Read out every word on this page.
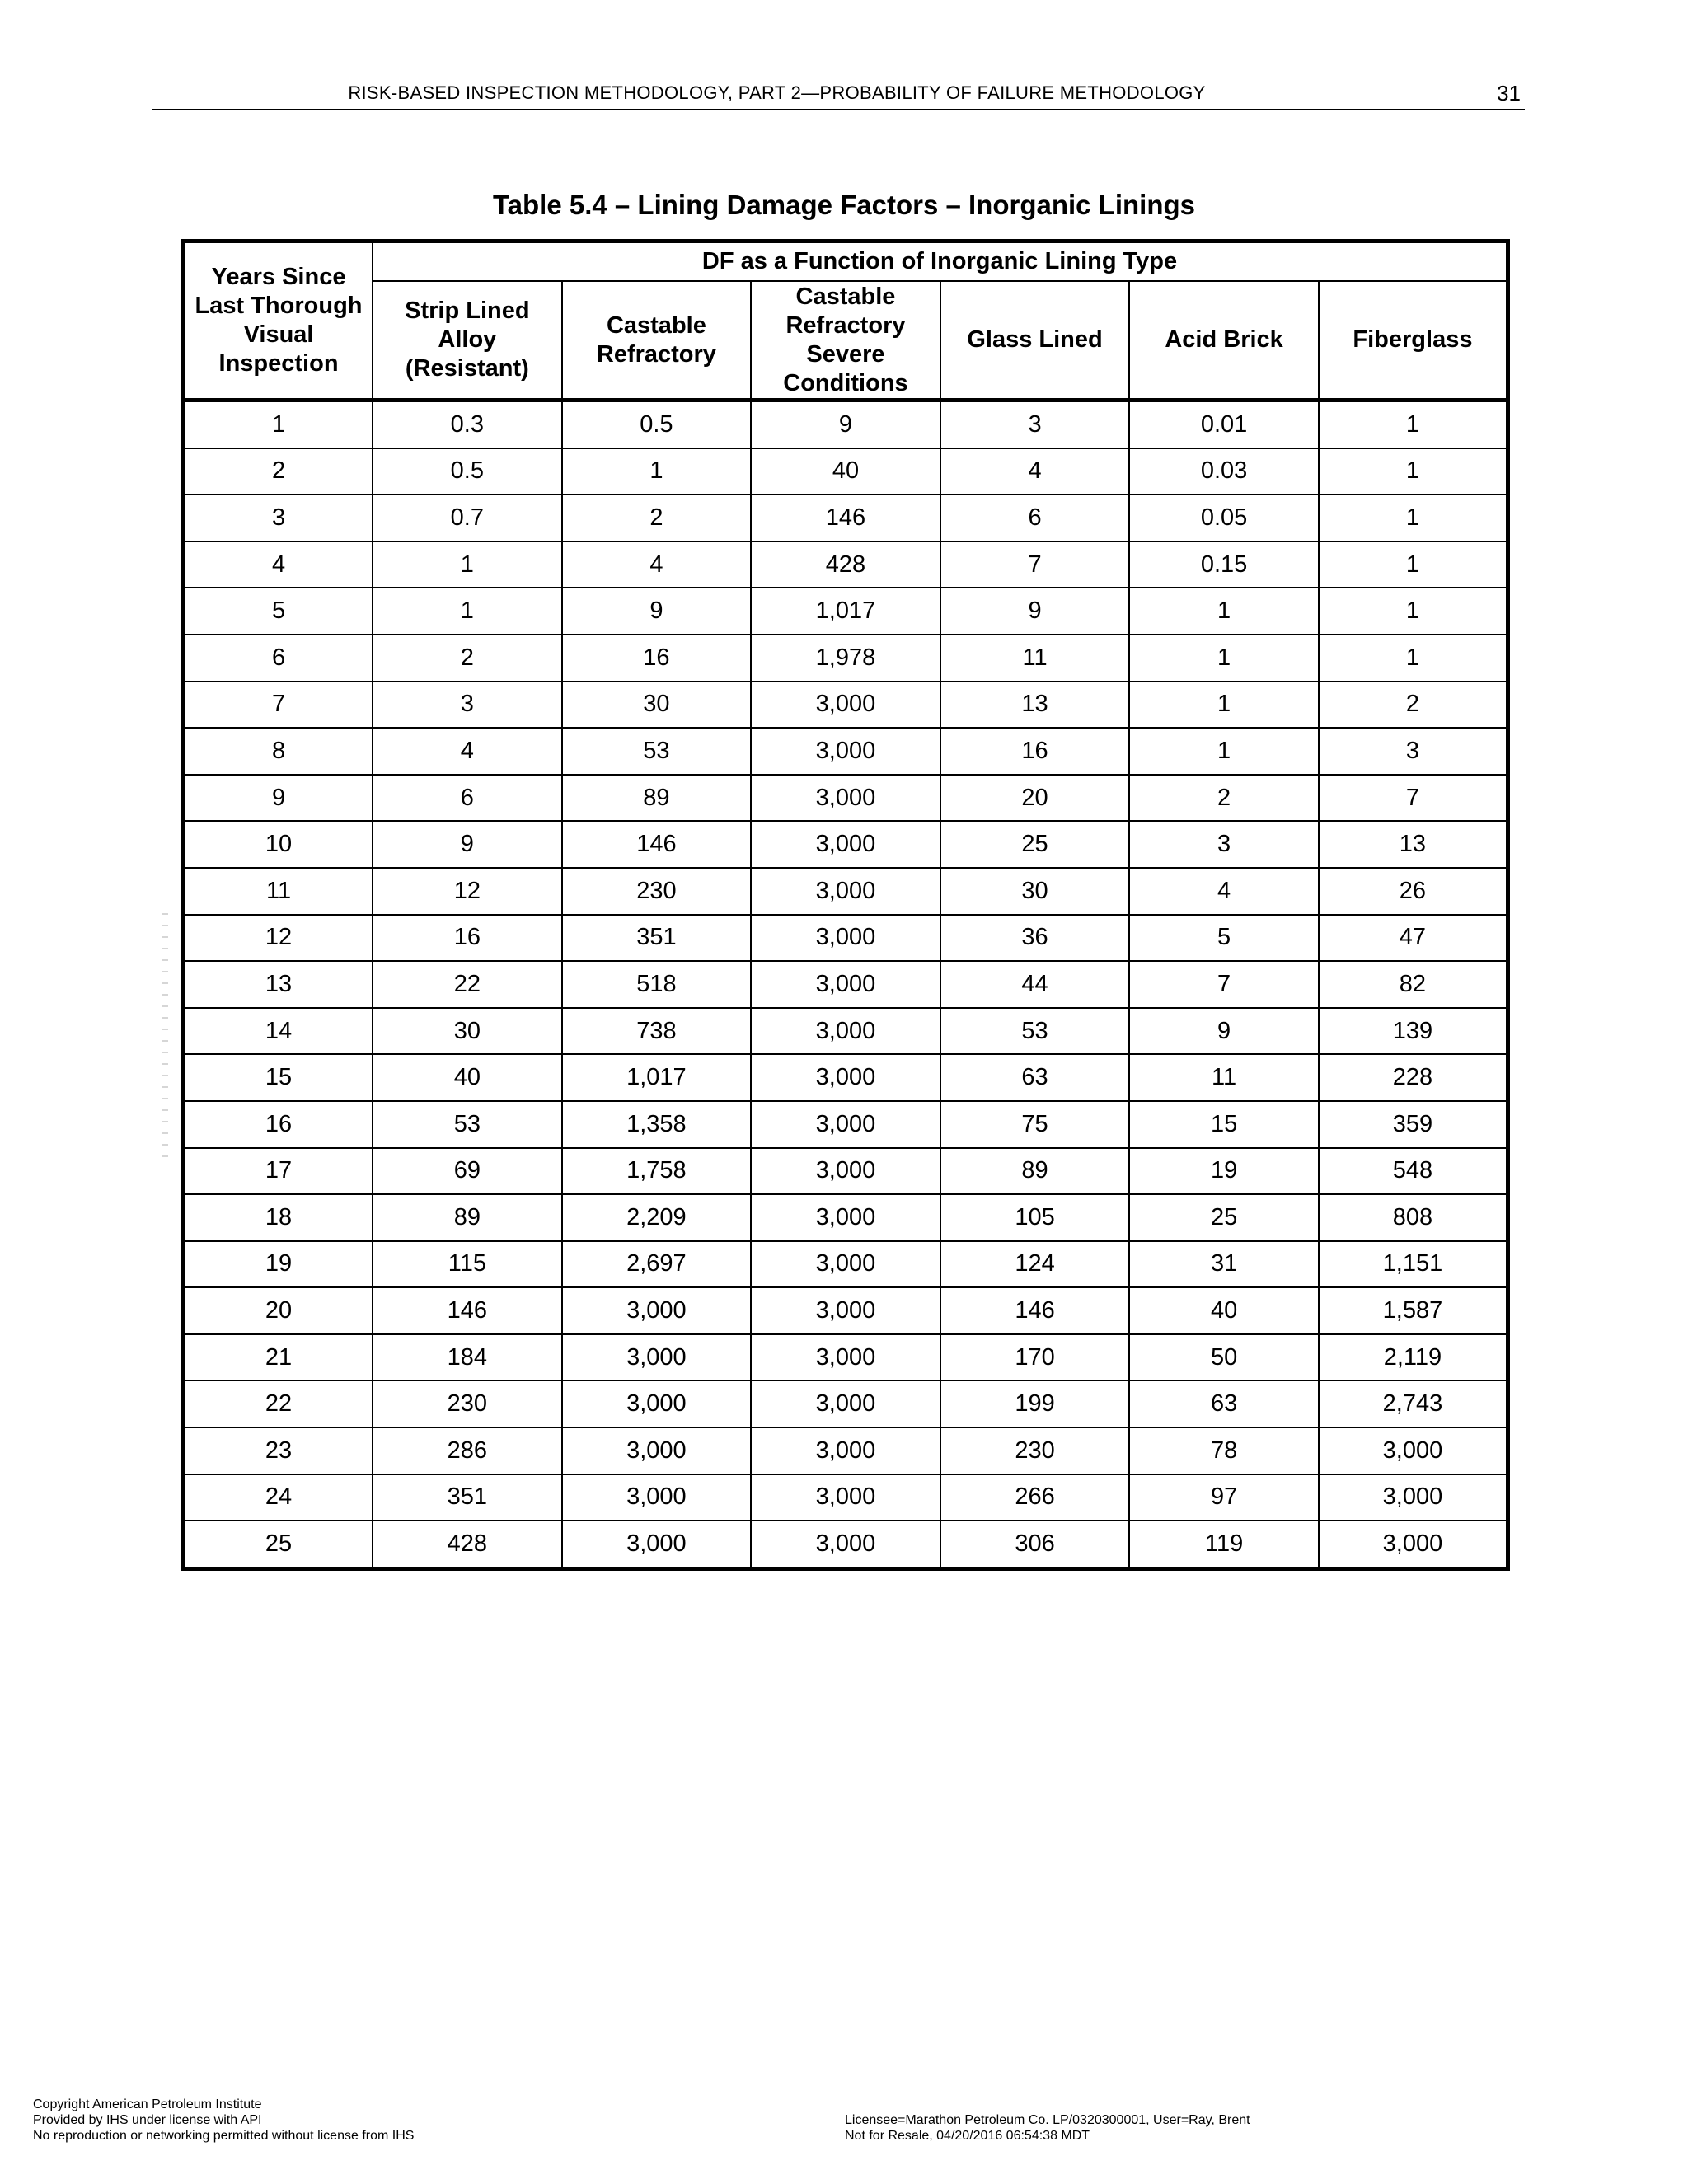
RISK-BASED INSPECTION METHODOLOGY, PART 2—PROBABILITY OF FAILURE METHODOLOGY	31
Table 5.4 – Lining Damage Factors – Inorganic Linings
Years Since Last Thorough Visual Inspection	DF as a Function of Inorganic Lining Type					
	Strip Lined Alloy (Resistant)	Castable Refractory	Castable Refractory Severe Conditions	Glass Lined	Acid Brick	Fiberglass
1	0.3	0.5	9	3	0.01	1
2	0.5	1	40	4	0.03	1
3	0.7	2	146	6	0.05	1
4	1	4	428	7	0.15	1
5	1	9	1,017	9	1	1
6	2	16	1,978	11	1	1
7	3	30	3,000	13	1	2
8	4	53	3,000	16	1	3
9	6	89	3,000	20	2	7
10	9	146	3,000	25	3	13
11	12	230	3,000	30	4	26
12	16	351	3,000	36	5	47
13	22	518	3,000	44	7	82
14	30	738	3,000	53	9	139
15	40	1,017	3,000	63	11	228
16	53	1,358	3,000	75	15	359
17	69	1,758	3,000	89	19	548
18	89	2,209	3,000	105	25	808
19	115	2,697	3,000	124	31	1,151
20	146	3,000	3,000	146	40	1,587
21	184	3,000	3,000	170	50	2,119
22	230	3,000	3,000	199	63	2,743
23	286	3,000	3,000	230	78	3,000
24	351	3,000	3,000	266	97	3,000
25	428	3,000	3,000	306	119	3,000
Copyright American Petroleum Institute
Provided by IHS under license with API
No reproduction or networking permitted without license from IHS

Licensee=Marathon Petroleum Co. LP/0320300001, User=Ray, Brent
Not for Resale, 04/20/2016 06:54:38 MDT
